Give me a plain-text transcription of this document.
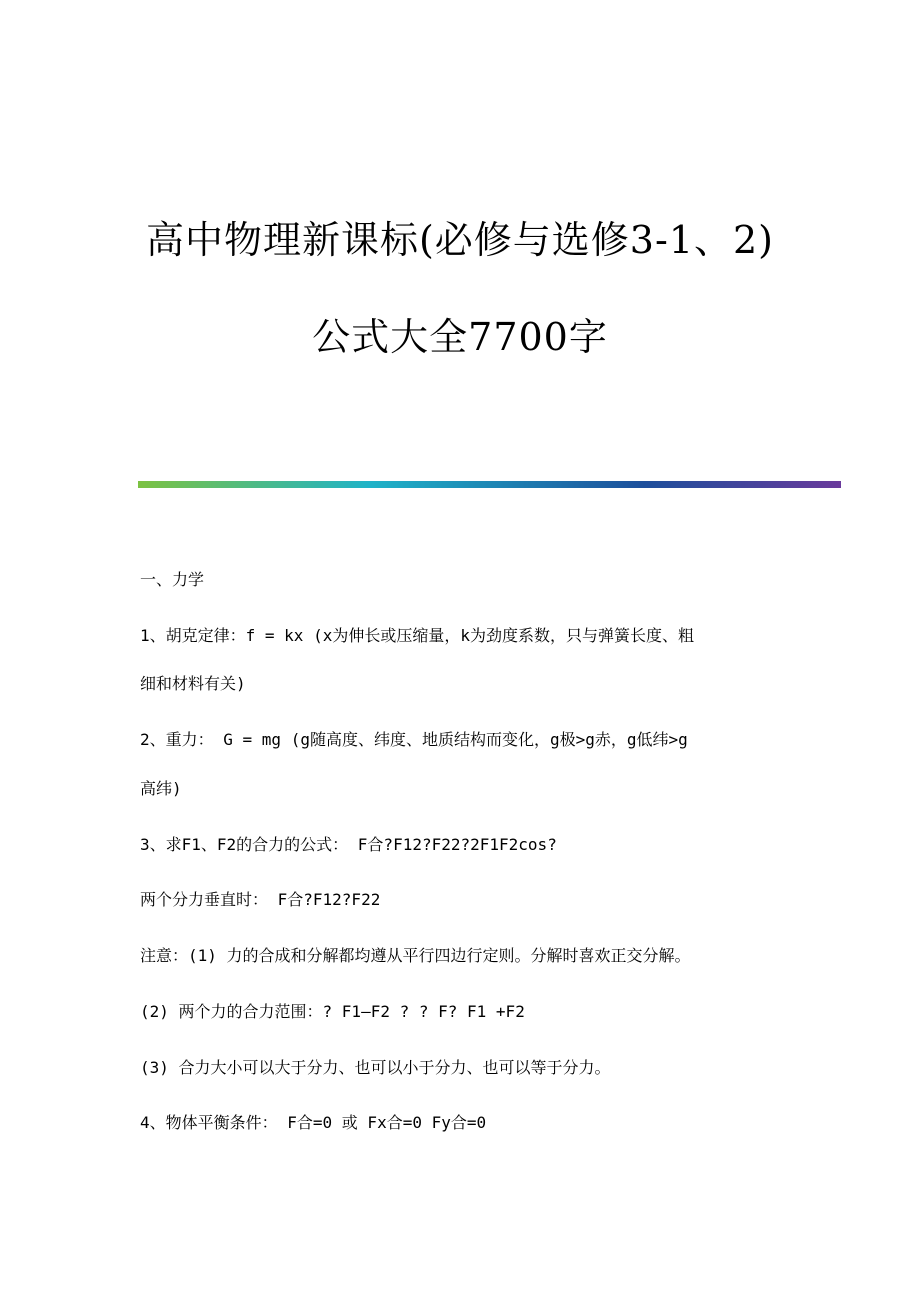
高中物理新课标(必修与选修3-1、2)
公式大全7700字
一、力学
1、胡克定律：f = kx (x为伸长或压缩量，k为劲度系数，只与弹簧长度、粗
细和材料有关)
2、重力： G = mg (g随高度、纬度、地质结构而变化，g极>g赤，g低纬>g
高纬)
3、求F1、F2的合力的公式： F合?F12?F22?2F1F2cos?
两个分力垂直时： F合?F12?F22
注意：(1) 力的合成和分解都均遵从平行四边行定则。分解时喜欢正交分解。
(2) 两个力的合力范围：? F1—F2 ? ? F? F1 +F2
(3) 合力大小可以大于分力、也可以小于分力、也可以等于分力。
4、物体平衡条件： F合=0 或 Fx合=0 Fy合=0
